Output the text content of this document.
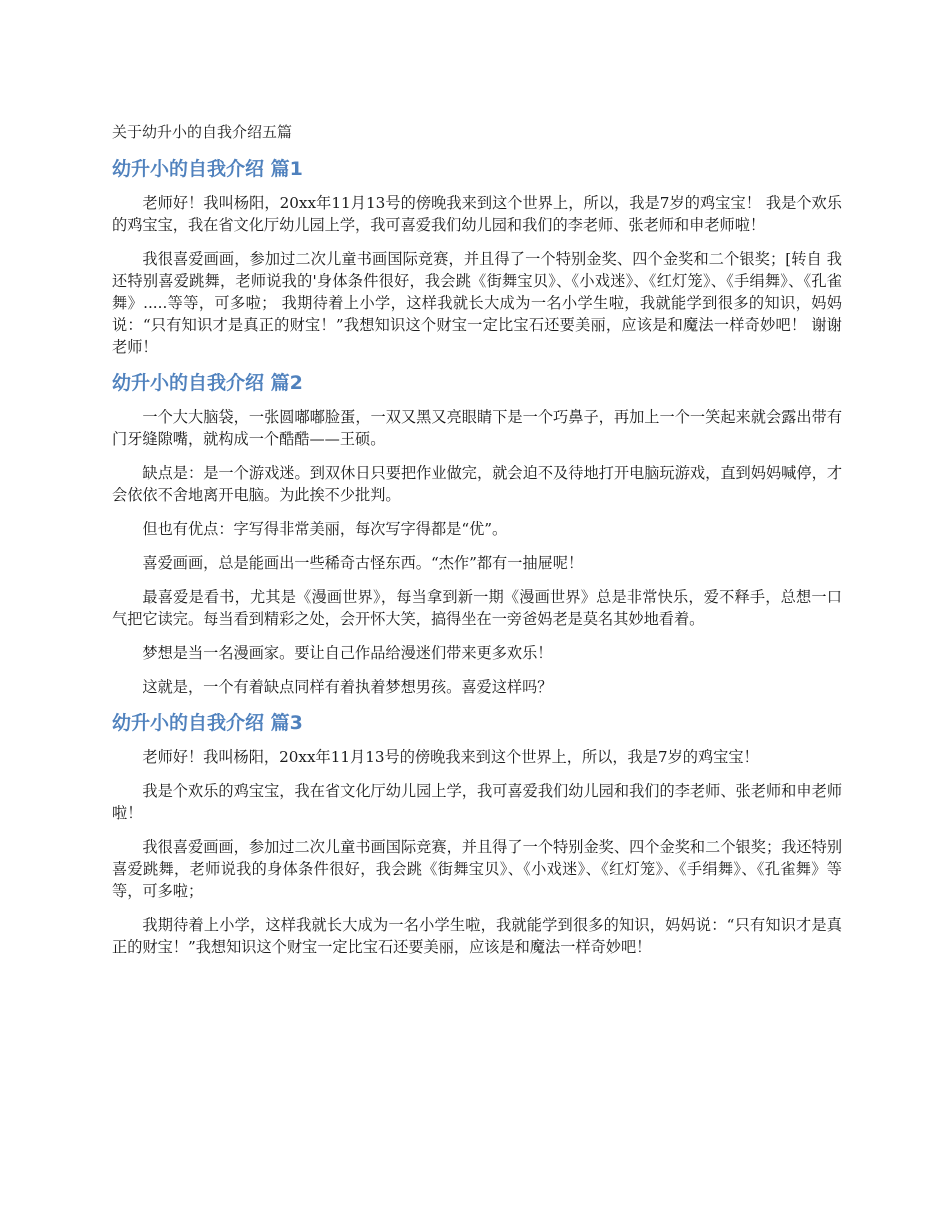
关于幼升小的自我介绍五篇
幼升小的自我介绍 篇1

老师好！我叫杨阳，20xx年11月13号的傍晚我来到这个世界上，所以，我是7岁的鸡宝宝！ 我是个欢乐的鸡宝宝，我在省文化厅幼儿园上学，我可喜爱我们幼儿园和我们的李老师、张老师和申老师啦！

我很喜爱画画，参加过二次儿童书画国际竞赛，并且得了一个特别金奖、四个金奖和二个银奖；[转自 我还特别喜爱跳舞，老师说我的'身体条件很好，我会跳《街舞宝贝》、《小戏迷》、《红灯笼》、《手绢舞》、《孔雀舞》.....等等，可多啦； 我期待着上小学，这样我就长大成为一名小学生啦，我就能学到很多的知识，妈妈说：“只有知识才是真正的财宝！”我想知识这个财宝一定比宝石还要美丽，应该是和魔法一样奇妙吧！ 谢谢老师！

幼升小的自我介绍 篇2

一个大大脑袋，一张圆嘟嘟脸蛋，一双又黑又亮眼睛下是一个巧鼻子，再加上一个一笑起来就会露出带有门牙缝隙嘴，就构成一个酷酷——王硕。

缺点是：是一个游戏迷。到双休日只要把作业做完，就会迫不及待地打开电脑玩游戏，直到妈妈喊停，才会依依不舍地离开电脑。为此挨不少批判。

但也有优点：字写得非常美丽，每次写字得都是“优”。

喜爱画画，总是能画出一些稀奇古怪东西。“杰作”都有一抽屉呢！

最喜爱是看书，尤其是《漫画世界》，每当拿到新一期《漫画世界》总是非常快乐，爱不释手，总想一口气把它读完。每当看到精彩之处，会开怀大笑，搞得坐在一旁爸妈老是莫名其妙地看着。

梦想是当一名漫画家。要让自己作品给漫迷们带来更多欢乐！

这就是，一个有着缺点同样有着执着梦想男孩。喜爱这样吗？

幼升小的自我介绍 篇3

老师好！我叫杨阳，20xx年11月13号的傍晚我来到这个世界上，所以，我是7岁的鸡宝宝！

我是个欢乐的鸡宝宝，我在省文化厅幼儿园上学，我可喜爱我们幼儿园和我们的李老师、张老师和申老师啦！

我很喜爱画画，参加过二次儿童书画国际竞赛，并且得了一个特别金奖、四个金奖和二个银奖；我还特别喜爱跳舞，老师说我的身体条件很好，我会跳《街舞宝贝》、《小戏迷》、《红灯笼》、《手绢舞》、《孔雀舞》等等，可多啦；

我期待着上小学，这样我就长大成为一名小学生啦，我就能学到很多的知识，妈妈说：“只有知识才是真正的财宝！”我想知识这个财宝一定比宝石还要美丽，应该是和魔法一样奇妙吧！
